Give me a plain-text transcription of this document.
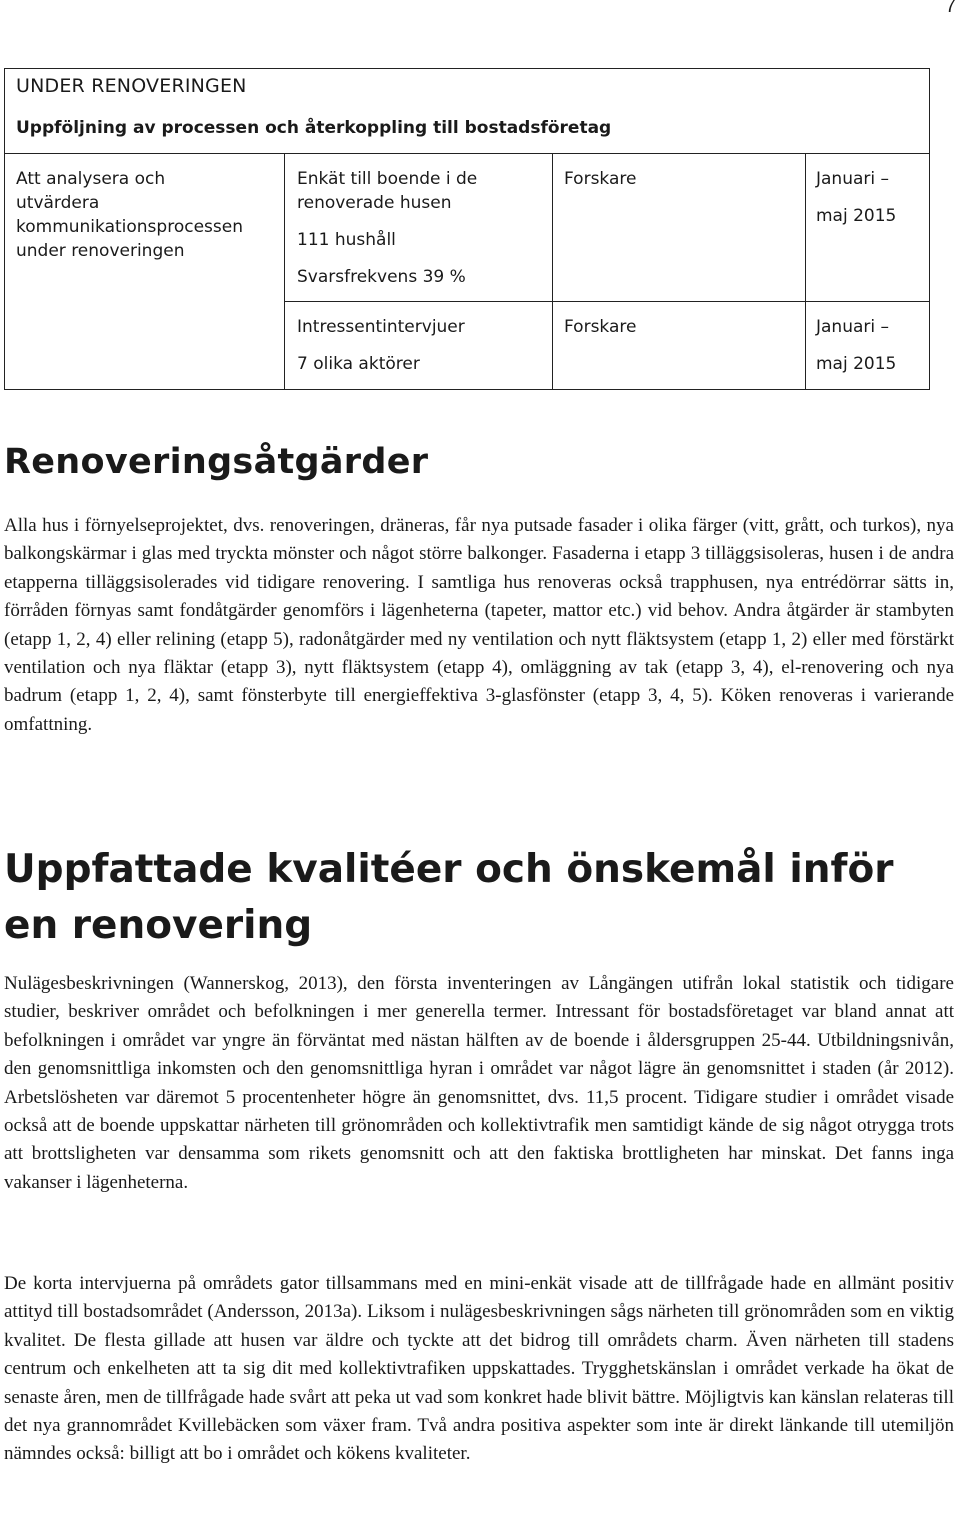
7
UNDER RENOVERINGEN
Uppföljning av processen och återkoppling till bostadsföretag
Att analysera och
utvärdera
kommunikationsprocessen
under renoveringen
Enkät till boende i de
renoverade husen
111 hushåll
Svarsfrekvens 39 %
Forskare	Januari –
maj 2015
Intressentintervjuer
7 olika aktörer
Forskare	Januari –
maj 2015
Renoveringsåtgärder

Alla hus i förnyelseprojektet, dvs. renoveringen, dräneras, får nya putsade fasader i olika färger (vitt, grått, och turkos), nya balkongskärmar i glas med tryckta mönster och något större balkonger. Fasaderna i etapp 3 tilläggsisoleras, husen i de andra etapperna tilläggsisolerades vid tidigare renovering. I samtliga hus renoveras också trapphusen, nya entrédörrar sätts in, förråden förnyas samt fondåtgärder genomförs i lägenheterna (tapeter, mattor etc.) vid behov. Andra åtgärder är stambyten (etapp 1, 2, 4) eller relining (etapp 5), radonåtgärder med ny ventilation och nytt fläktsystem (etapp 1, 2) eller med förstärkt ventilation och nya fläktar (etapp 3), nytt fläktsystem (etapp 4), omläggning av tak (etapp 3, 4), el-renovering och nya badrum (etapp 1, 2, 4), samt fönsterbyte till energieffektiva 3-glasfönster (etapp 3, 4, 5). Köken renoveras i varierande omfattning.

Uppfattade kvalitéer och önskemål inför en renovering

Nulägesbeskrivningen (Wannerskog, 2013), den första inventeringen av Långängen utifrån lokal statistik och tidigare studier, beskriver området och befolkningen i mer generella termer. Intressant för bostadsföretaget var bland annat att befolkningen i området var yngre än förväntat med nästan hälften av de boende i åldersgruppen 25-44. Utbildningsnivån, den genomsnittliga inkomsten och den genomsnittliga hyran i området var något lägre än genomsnittet i staden (år 2012). Arbetslösheten var däremot 5 procentenheter högre än genomsnittet, dvs. 11,5 procent. Tidigare studier i området visade också att de boende uppskattar närheten till grönområden och kollektivtrafik men samtidigt kände de sig något otrygga trots att brottsligheten var densamma som rikets genomsnitt och att den faktiska brottligheten har minskat. Det fanns inga vakanser i lägenheterna.

De korta intervjuerna på områdets gator tillsammans med en mini-enkät visade att de tillfrågade hade en allmänt positiv attityd till bostadsområdet (Andersson, 2013a). Liksom i nulägesbeskrivningen sågs närheten till grönområden som en viktig kvalitet. De flesta gillade att husen var äldre och tyckte att det bidrog till områdets charm. Även närheten till stadens centrum och enkelheten att ta sig dit med kollektivtrafiken uppskattades. Trygghetskänslan i området verkade ha ökat de senaste åren, men de tillfrågade hade svårt att peka ut vad som konkret hade blivit bättre. Möjligtvis kan känslan relateras till det nya grannområdet Kvillebäcken som växer fram. Två andra positiva aspekter som inte är direkt länkande till utemiljön nämndes också: billigt att bo i området och kökens kvaliteter.
